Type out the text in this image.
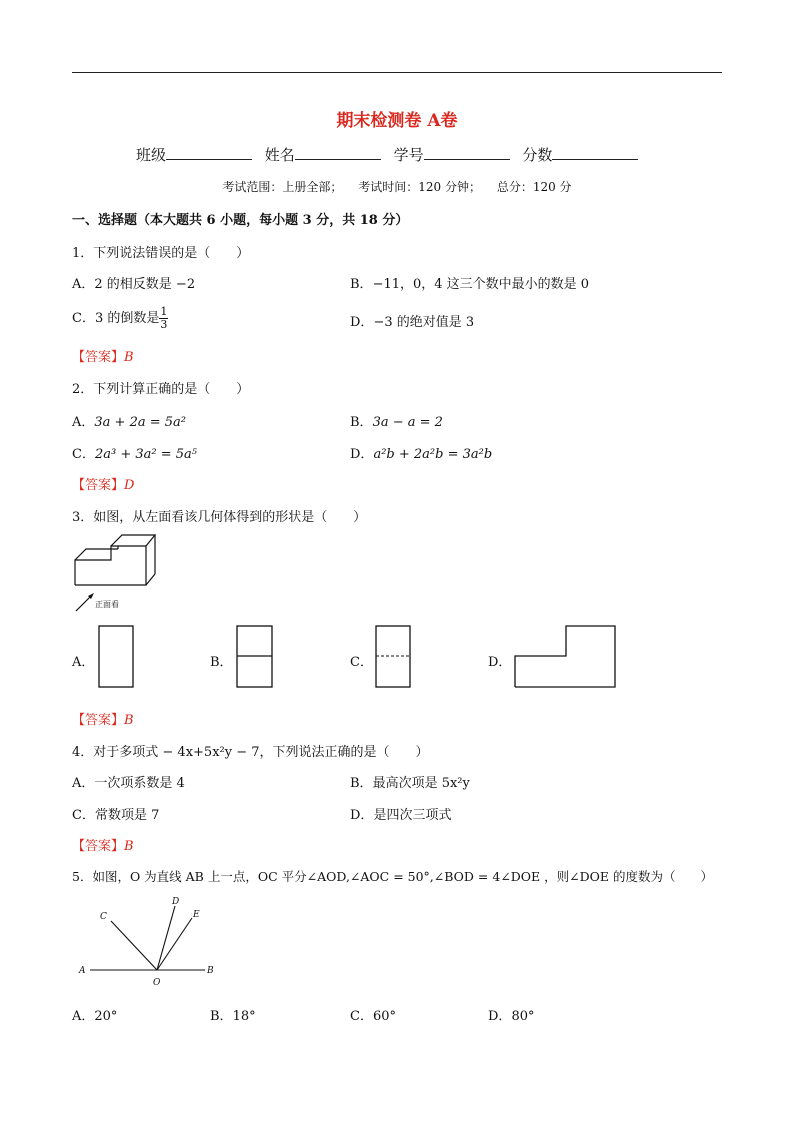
期末检测卷 A卷
班级	姓名	学号	分数
考试范围：上册全部； 考试时间：120 分钟； 总分：120 分
一、选择题（本大题共 6 小题，每小题 3 分，共 18 分）
1．下列说法错误的是（　　）
A．2 的相反数是 −2	B．−11，0，4 这三个数中最小的数是 0
C．3 的倒数是 $\frac{1}{3}$	D．−3 的绝对值是 3
【答案】B
2．下列计算正确的是（　　）
A．3a + 2a = 5a²	B．3a − a = 2
C．2a³ + 3a² = 5a⁵	D．a²b + 2a²b = 3a²b
【答案】D
3．如图，从左面看该几何体得到的形状是（　　）
正面看
A．	B．	C．	D．
【答案】B
4．对于多项式 − 4x+5x²y − 7，下列说法正确的是（　　）
A．一次项系数是 4	B．最高次项是 5x²y
C．常数项是 7	D．是四次三项式
【答案】B
5．如图，O 为直线 AB 上一点，OC 平分∠AOD,∠AOC = 50°,∠BOD = 4∠DOE ，则∠DOE 的度数为（　　）
A	B
C
D
E
O
A．20°	B．18°	C．60°	D．80°
